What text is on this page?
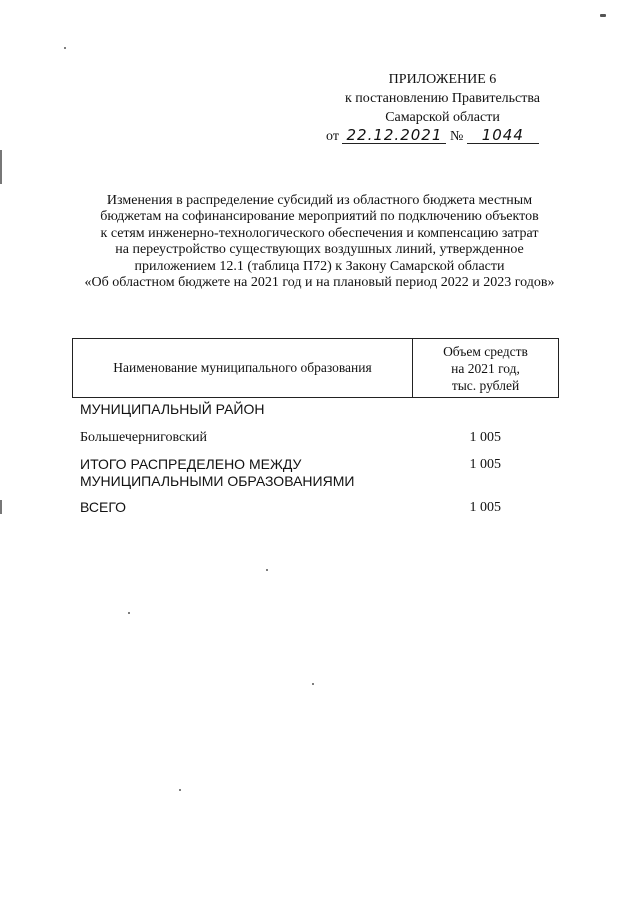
ПРИЛОЖЕНИЕ 6
к постановлению Правительства
Самарской области
от 22.12.2021 № 1044
Изменения в распределение субсидий из областного бюджета местным
бюджетам на софинансирование мероприятий по подключению объектов
к сетям инженерно-технологического обеспечения и компенсацию затрат
на переустройство существующих воздушных линий, утвержденное
приложением 12.1 (таблица П72) к Закону Самарской области
«Об областном бюджете на 2021 год и на плановый период 2022 и 2023 годов»
Наименование муниципального образования
Объем средств
на 2021 год,
тыс. рублей
МУНИЦИПАЛЬНЫЙ РАЙОН
Большечерниговский	1 005
ИТОГО РАСПРЕДЕЛЕНО МЕЖДУ
МУНИЦИПАЛЬНЫМИ ОБРАЗОВАНИЯМИ
1 005
ВСЕГО	1 005
